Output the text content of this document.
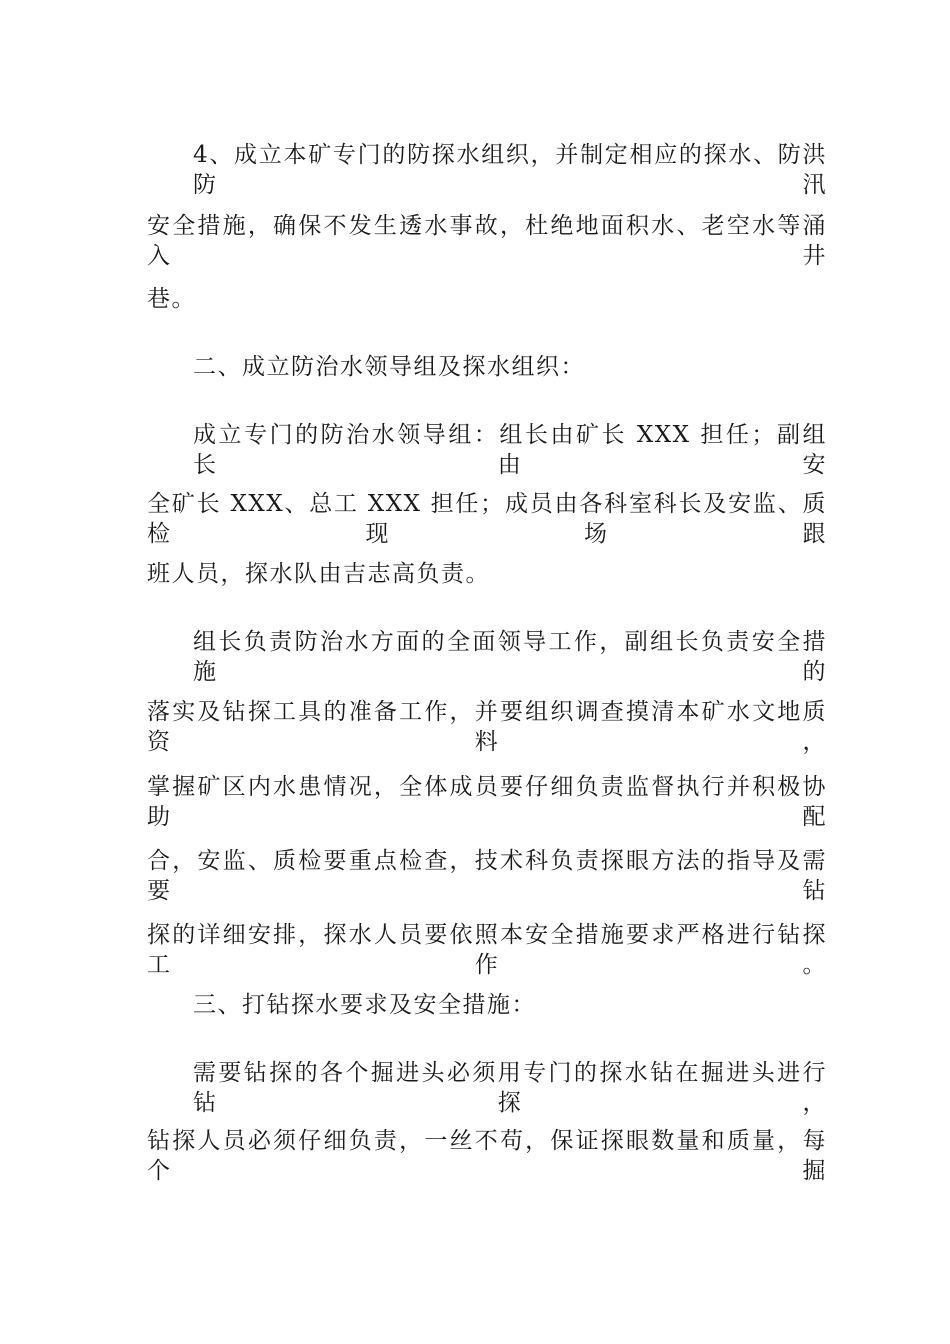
4、成立本矿专门的防探水组织，并制定相应的探水、防洪防汛
安全措施，确保不发生透水事故，杜绝地面积水、老空水等涌入井
巷。
二、成立防治水领导组及探水组织：
成立专门的防治水领导组：组长由矿长 XXX 担任；副组长由安
全矿长 XXX、总工 XXX 担任；成员由各科室科长及安监、质检现场跟
班人员，探水队由吉志高负责。
组长负责防治水方面的全面领导工作，副组长负责安全措施的
落实及钻探工具的准备工作，并要组织调查摸清本矿水文地质资料，
掌握矿区内水患情况，全体成员要仔细负责监督执行并积极协助配
合，安监、质检要重点检查，技术科负责探眼方法的指导及需要钻
探的详细安排，探水人员要依照本安全措施要求严格进行钻探工作。
三、打钻探水要求及安全措施：
需要钻探的各个掘进头必须用专门的探水钻在掘进头进行钻探，
钻探人员必须仔细负责，一丝不苟，保证探眼数量和质量，每个掘
